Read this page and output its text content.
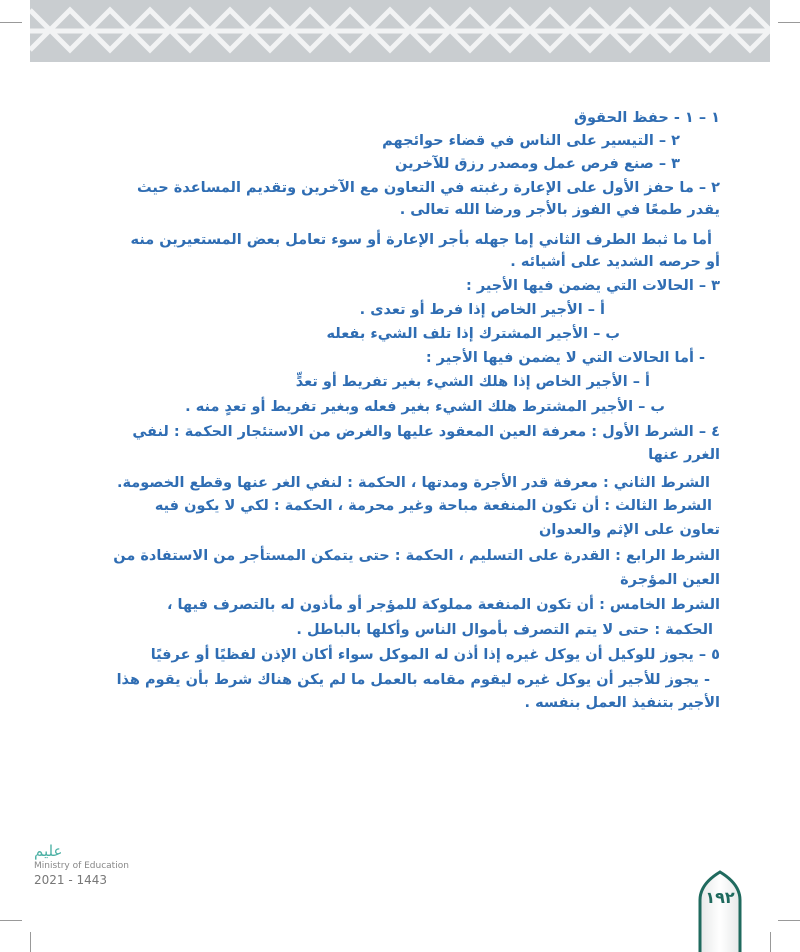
١ – ١ - حفظ الحقوق
٢ – التيسير على الناس في قضاء حوائجهم
٣ – صنع فرص عمل ومصدر رزق للآخرين
٢ – ما حفز الأول على الإعارة رغبته في التعاون مع الآخرين وتقديم المساعدة حيث
يقدر طمعًا في الفوز بالأجر ورضا الله تعالى .
أما ما ثبط الطرف الثاني إما جهله بأجر الإعارة أو سوء تعامل بعض المستعيرين منه
أو حرصه الشديد على أشيائه .
٣ – الحالات التي يضمن فيها الأجير :
أ – الأجير الخاص إذا فرط أو تعدى .
ب – الأجير المشترك إذا تلف الشيء بفعله
- أما الحالات التي لا يضمن فيها الأجير :
أ – الأجير الخاص إذا هلك الشيء بغير تفريط أو تعدٍّ
ب – الأجير المشترط هلك الشيء بغير فعله وبغير تفريط أو تعدٍ منه .
٤ – الشرط الأول : معرفة العين المعقود عليها والغرض من الاستئجار الحكمة : لنفي
الغرر عنها
الشرط الثاني : معرفة قدر الأجرة ومدتها ، الحكمة : لنفي الغر عنها وقطع الخصومة.
الشرط الثالث : أن تكون المنفعة مباحة وغير محرمة ، الحكمة : لكي لا يكون فيه
تعاون على الإثم والعدوان
الشرط الرابع : القدرة على التسليم ، الحكمة : حتى يتمكن المستأجر من الاستفادة من
العين المؤجرة
الشرط الخامس : أن تكون المنفعة مملوكة للمؤجر أو مأذون له بالتصرف فيها ،
الحكمة : حتى لا يتم التصرف بأموال الناس وأكلها بالباطل .
٥ – يجوز للوكيل أن يوكل غيره إذا أذن له الموكل سواء أكان الإذن لفظيًا أو عرفيًا
- يجوز للأجير أن يوكل غيره ليقوم مقامه بالعمل ما لم يكن هناك شرط بأن يقوم هذا
الأجير بتنفيذ العمل بنفسه .
عليم
Ministry of Education
2021 - 1443
١٩٢
